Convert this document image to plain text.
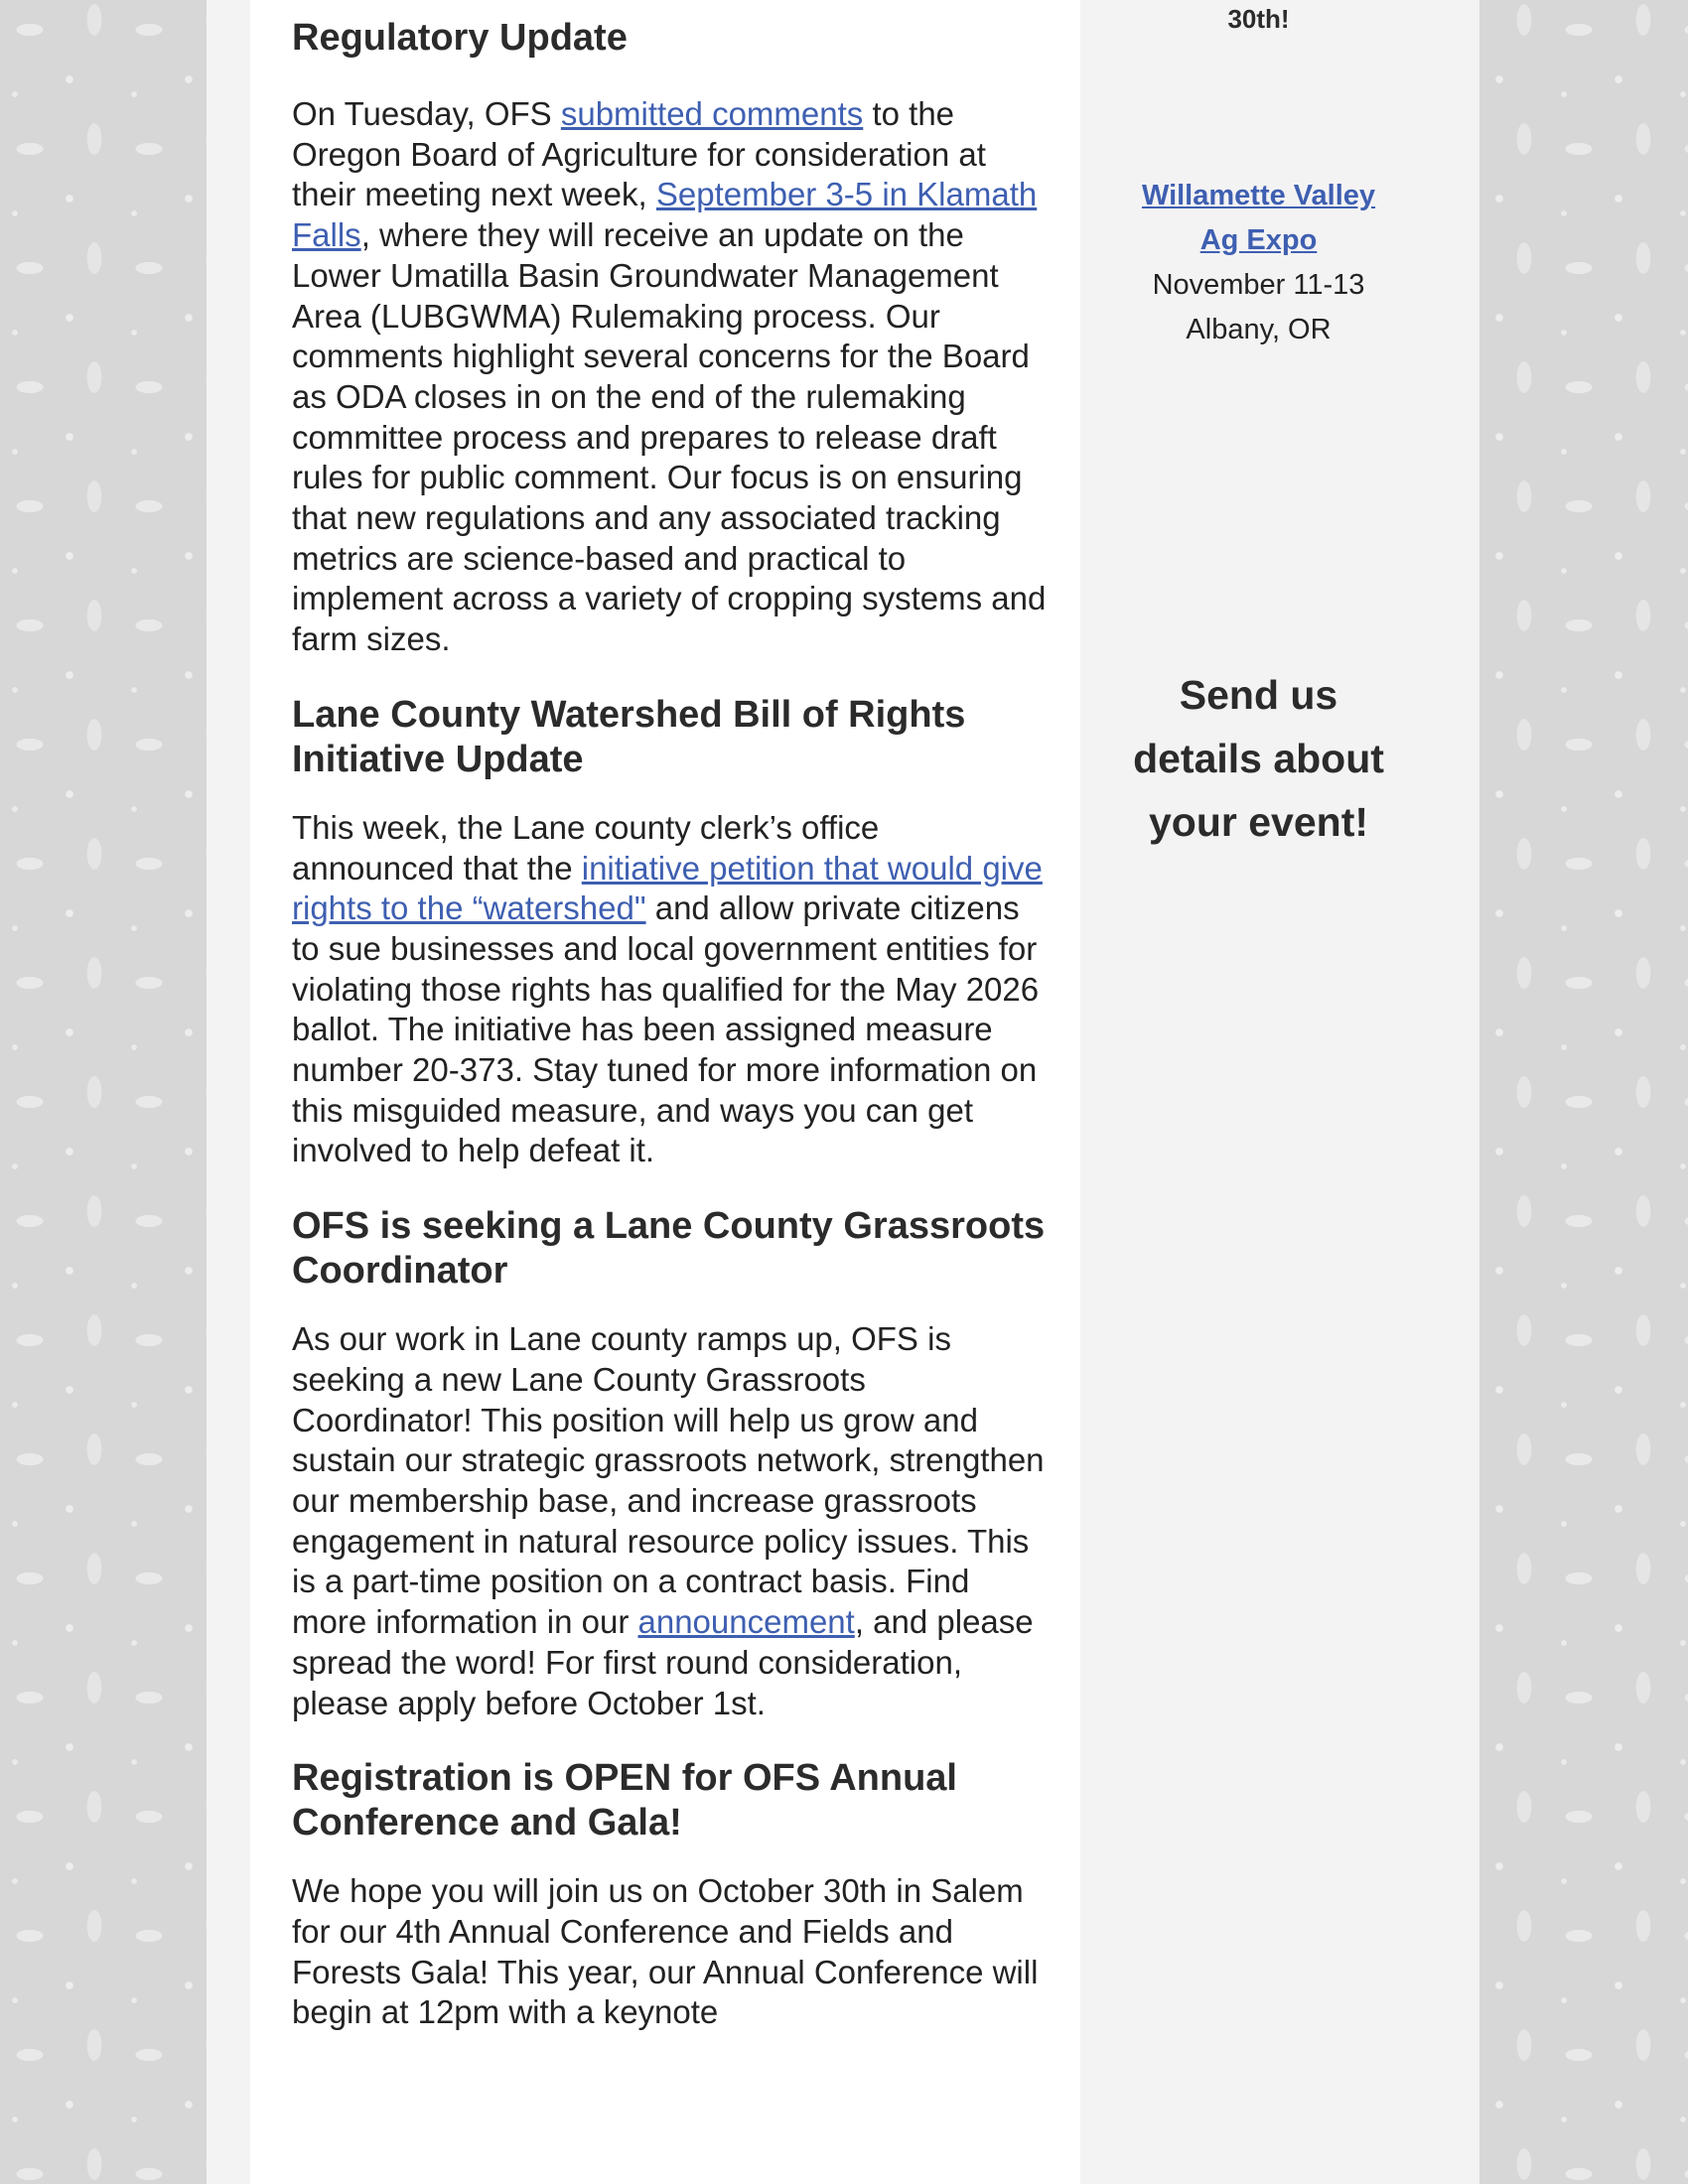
Regulatory Update

On Tuesday, OFS submitted comments to the Oregon Board of Agriculture for consideration at their meeting next week, September 3-5 in Klamath Falls, where they will receive an update on the Lower Umatilla Basin Groundwater Management Area (LUBGWMA) Rulemaking process. Our comments highlight several concerns for the Board as ODA closes in on the end of the rulemaking committee process and prepares to release draft rules for public comment. Our focus is on ensuring that new regulations and any associated tracking metrics are science-based and practical to implement across a variety of cropping systems and farm sizes.

Lane County Watershed Bill of Rights Initiative Update

This week, the Lane county clerk’s office announced that the initiative petition that would give rights to the “watershed" and allow private citizens to sue businesses and local government entities for violating those rights has qualified for the May 2026 ballot. The initiative has been assigned measure number 20-373. Stay tuned for more information on this misguided measure, and ways you can get involved to help defeat it.

OFS is seeking a Lane County Grassroots Coordinator

As our work in Lane county ramps up, OFS is seeking a new Lane County Grassroots Coordinator! This position will help us grow and sustain our strategic grassroots network, strengthen our membership base, and increase grassroots engagement in natural resource policy issues. This is a part-time position on a contract basis. Find more information in our announcement, and please spread the word! For first round consideration, please apply before October 1st.

Registration is OPEN for OFS Annual Conference and Gala!

We hope you will join us on October 30th in Salem for our 4th Annual Conference and Fields and Forests Gala! This year, our Annual Conference will begin at 12pm with a keynote

30th!
Willamette Valley
Ag Expo
November 11-13
Albany, OR
Send us
details about
your event!
